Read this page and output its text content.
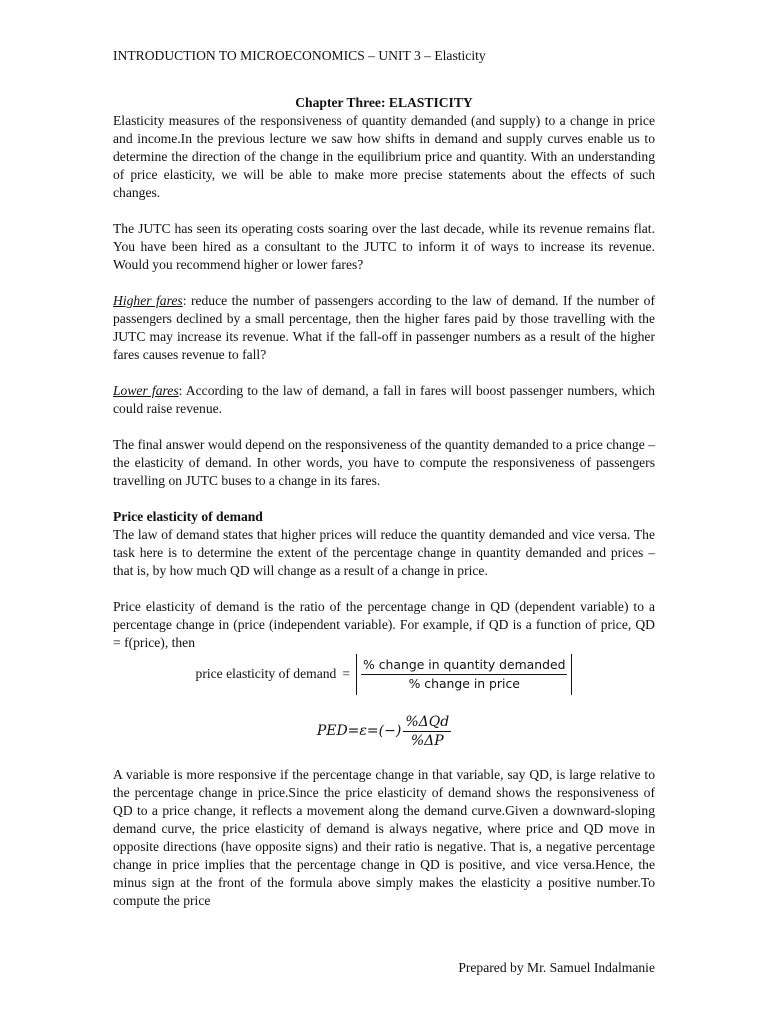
INTRODUCTION TO MICROECONOMICS – UNIT 3 – Elasticity
Chapter Three: ELASTICITY

Elasticity measures of the responsiveness of quantity demanded (and supply) to a change in price and income.In the previous lecture we saw how shifts in demand and supply curves enable us to determine the direction of the change in the equilibrium price and quantity. With an understanding of price elasticity, we will be able to make more precise statements about the effects of such changes.

The JUTC has seen its operating costs soaring over the last decade, while its revenue remains flat. You have been hired as a consultant to the JUTC to inform it of ways to increase its revenue. Would you recommend higher or lower fares?

Higher fares: reduce the number of passengers according to the law of demand. If the number of passengers declined by a small percentage, then the higher fares paid by those travelling with the JUTC may increase its revenue. What if the fall-off in passenger numbers as a result of the higher fares causes revenue to fall?

Lower fares: According to the law of demand, a fall in fares will boost passenger numbers, which could raise revenue.

The final answer would depend on the responsiveness of the quantity demanded to a price change – the elasticity of demand. In other words, you have to compute the responsiveness of passengers travelling on JUTC buses to a change in its fares.

Price elasticity of demand

The law of demand states that higher prices will reduce the quantity demanded and vice versa. The task here is to determine the extent of the percentage change in quantity demanded and prices – that is, by how much QD will change as a result of a change in price.

Price elasticity of demand is the ratio of the percentage change in QD (dependent variable) to a percentage change in (price (independent variable). For example, if QD is a function of price, QD = f(price), then

price elasticity of demand =
% change in quantity demanded
% change in price
$PED=\varepsilon=(-) \frac{\text{\%ΔQd}}{\%\Delta P}$

A variable is more responsive if the percentage change in that variable, say QD, is large relative to the percentage change in price.Since the price elasticity of demand shows the responsiveness of QD to a price change, it reflects a movement along the demand curve.Given a downward-sloping demand curve, the price elasticity of demand is always negative, where price and QD move in opposite directions (have opposite signs) and their ratio is negative. That is, a negative percentage change in price implies that the percentage change in QD is positive, and vice versa.Hence, the minus sign at the front of the formula above simply makes the elasticity a positive number.To compute the price

Prepared by Mr. Samuel Indalmanie
